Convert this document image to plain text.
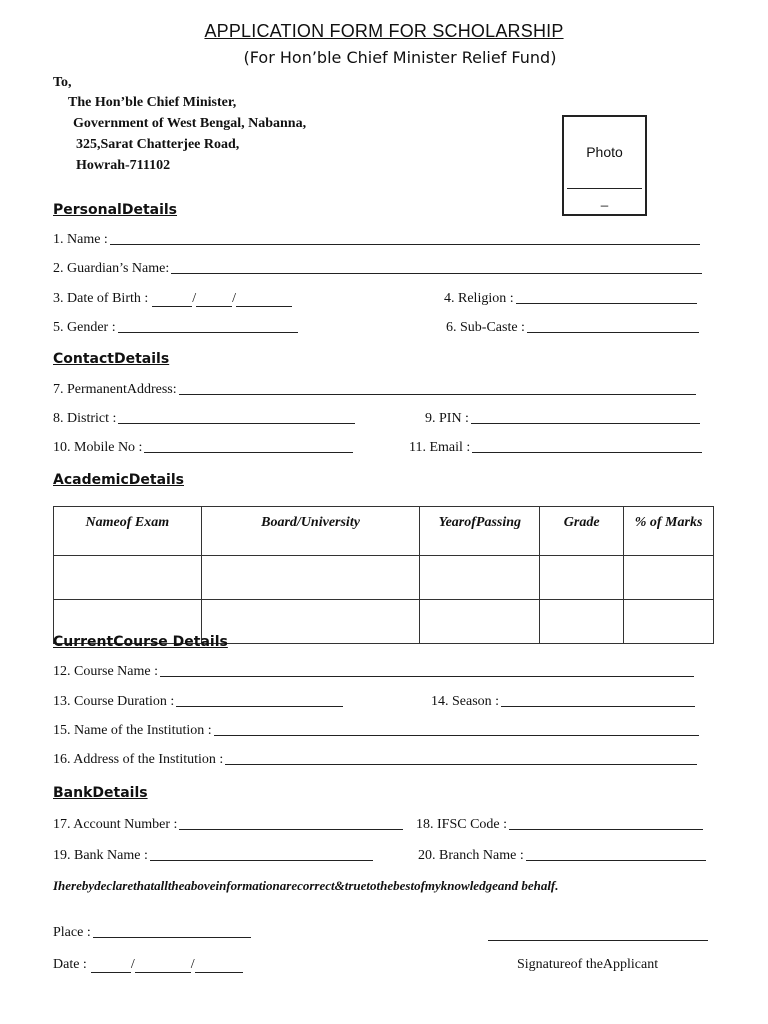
APPLICATION FORM FOR SCHOLARSHIP
(For Hon’ble Chief Minister Relief Fund)
To,
The Hon’ble Chief Minister,
Government of West Bengal, Nabanna,
325,Sarat Chatterjee Road,
Howrah-711102
Photo
_
PersonalDetails
1. Name :
2. Guardian’s Name:
3. Date of Birth :	/	/	4. Religion :
5. Gender :	6. Sub-Caste :
ContactDetails
7. PermanentAddress:
8. District :	9. PIN :
10. Mobile No :	11. Email :
AcademicDetails
Nameof Exam	Board/University	YearofPassing	Grade	% of Marks

CurrentCourse Details
12. Course Name :
13. Course Duration :	14. Season :
15. Name of the Institution :
16. Address of the Institution :
BankDetails
17. Account Number :	18. IFSC Code :
19. Bank Name :	20. Branch Name :
Iherebydeclarethatalltheaboveinformationarecorrect&truetothebestofmyknowledgeand behalf.
Place :
Date :	/	/	Signatureof theApplicant
